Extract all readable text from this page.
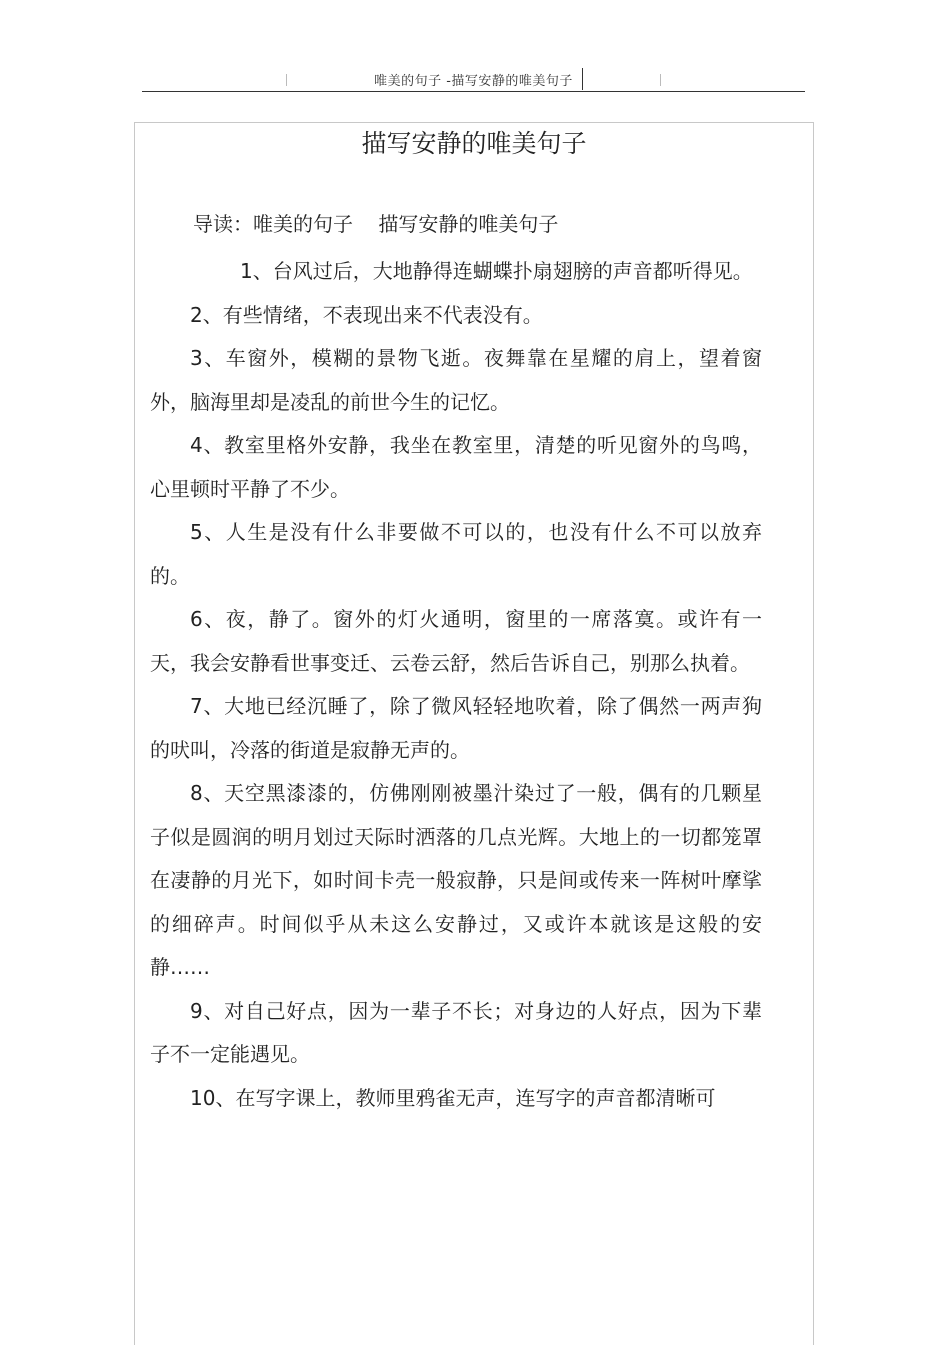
唯美的句子 -描写安静的唯美句子
描写安静的唯美句子
导读：唯美的句子    描写安静的唯美句子

1、台风过后，大地静得连蝴蝶扑扇翅膀的声音都听得见。

2、有些情绪，不表现出来不代表没有。

3、车窗外，模糊的景物飞逝。夜舞靠在星耀的肩上，望着窗外，脑海里却是凌乱的前世今生的记忆。

4、教室里格外安静，我坐在教室里，清楚的听见窗外的鸟鸣，心里顿时平静了不少。

5、人生是没有什么非要做不可以的，也没有什么不可以放弃的。

6、夜，静了。窗外的灯火通明，窗里的一席落寞。或许有一天，我会安静看世事变迁、云卷云舒，然后告诉自己，别那么执着。

7、大地已经沉睡了，除了微风轻轻地吹着，除了偶然一两声狗的吠叫，冷落的街道是寂静无声的。

8、天空黑漆漆的，仿佛刚刚被墨汁染过了一般，偶有的几颗星子似是圆润的明月划过天际时洒落的几点光辉。大地上的一切都笼罩在凄静的月光下，如时间卡壳一般寂静，只是间或传来一阵树叶摩挲的细碎声。时间似乎从未这么安静过，又或许本就该是这般的安静……

9、对自己好点，因为一辈子不长；对身边的人好点，因为下辈子不一定能遇见。

10、在写字课上，教师里鸦雀无声，连写字的声音都清晰可
